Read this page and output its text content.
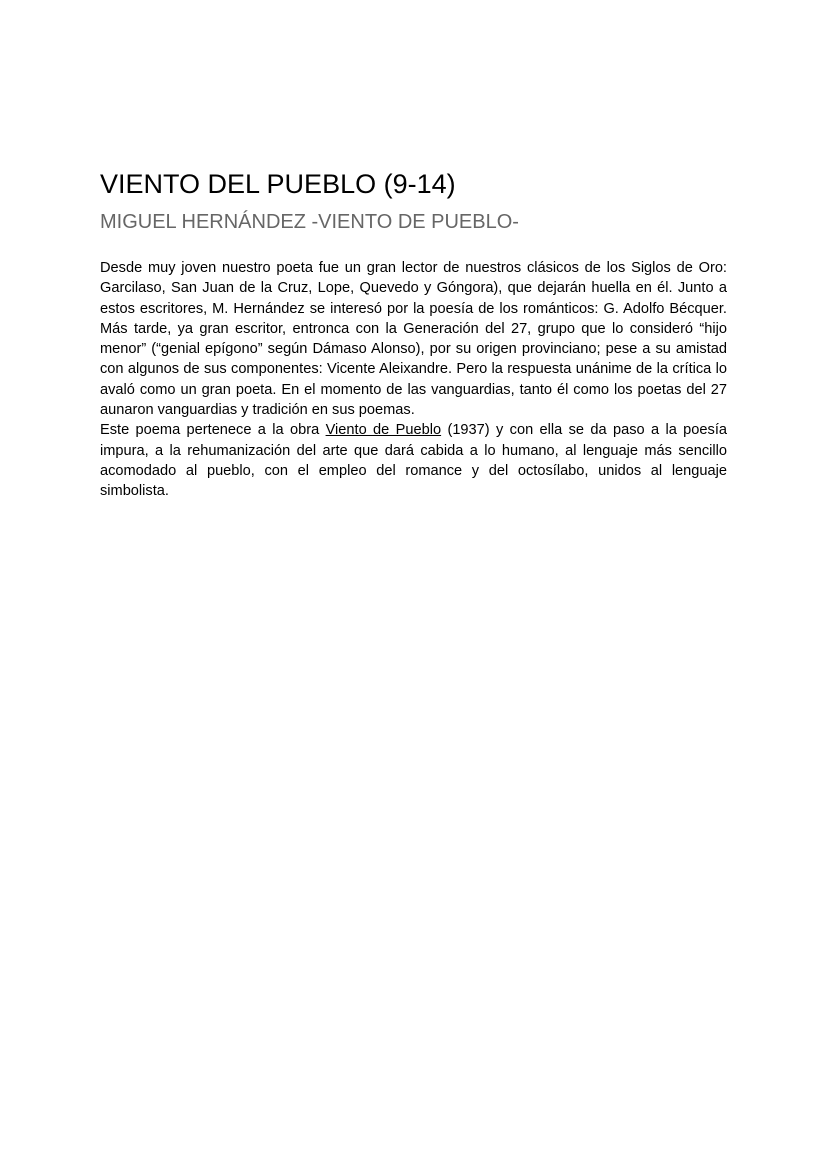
VIENTO DEL PUEBLO (9-14)
MIGUEL HERNÁNDEZ -VIENTO DE PUEBLO-

Desde muy joven nuestro poeta fue un gran lector de nuestros clásicos de los Siglos de Oro: Garcilaso, San Juan de la Cruz, Lope, Quevedo y Góngora), que dejarán huella en él. Junto a estos escritores, M. Hernández se interesó por la poesía de los románticos: G. Adolfo Bécquer. Más tarde, ya gran escritor, entronca con la Generación del 27, grupo que lo consideró “hijo menor” (“genial epígono” según Dámaso Alonso), por su origen provinciano; pese a su amistad con algunos de sus componentes: Vicente Aleixandre. Pero la respuesta unánime de la crítica lo avaló como un gran poeta. En el momento de las vanguardias, tanto él como los poetas del 27 aunaron vanguardias y tradición en sus poemas.

Este poema pertenece a la obra Viento de Pueblo (1937) y con ella se da paso a la poesía impura, a la rehumanización del arte que dará cabida a lo humano, al lenguaje más sencillo acomodado al pueblo, con el empleo del romance y del octosílabo, unidos al lenguaje simbolista.
